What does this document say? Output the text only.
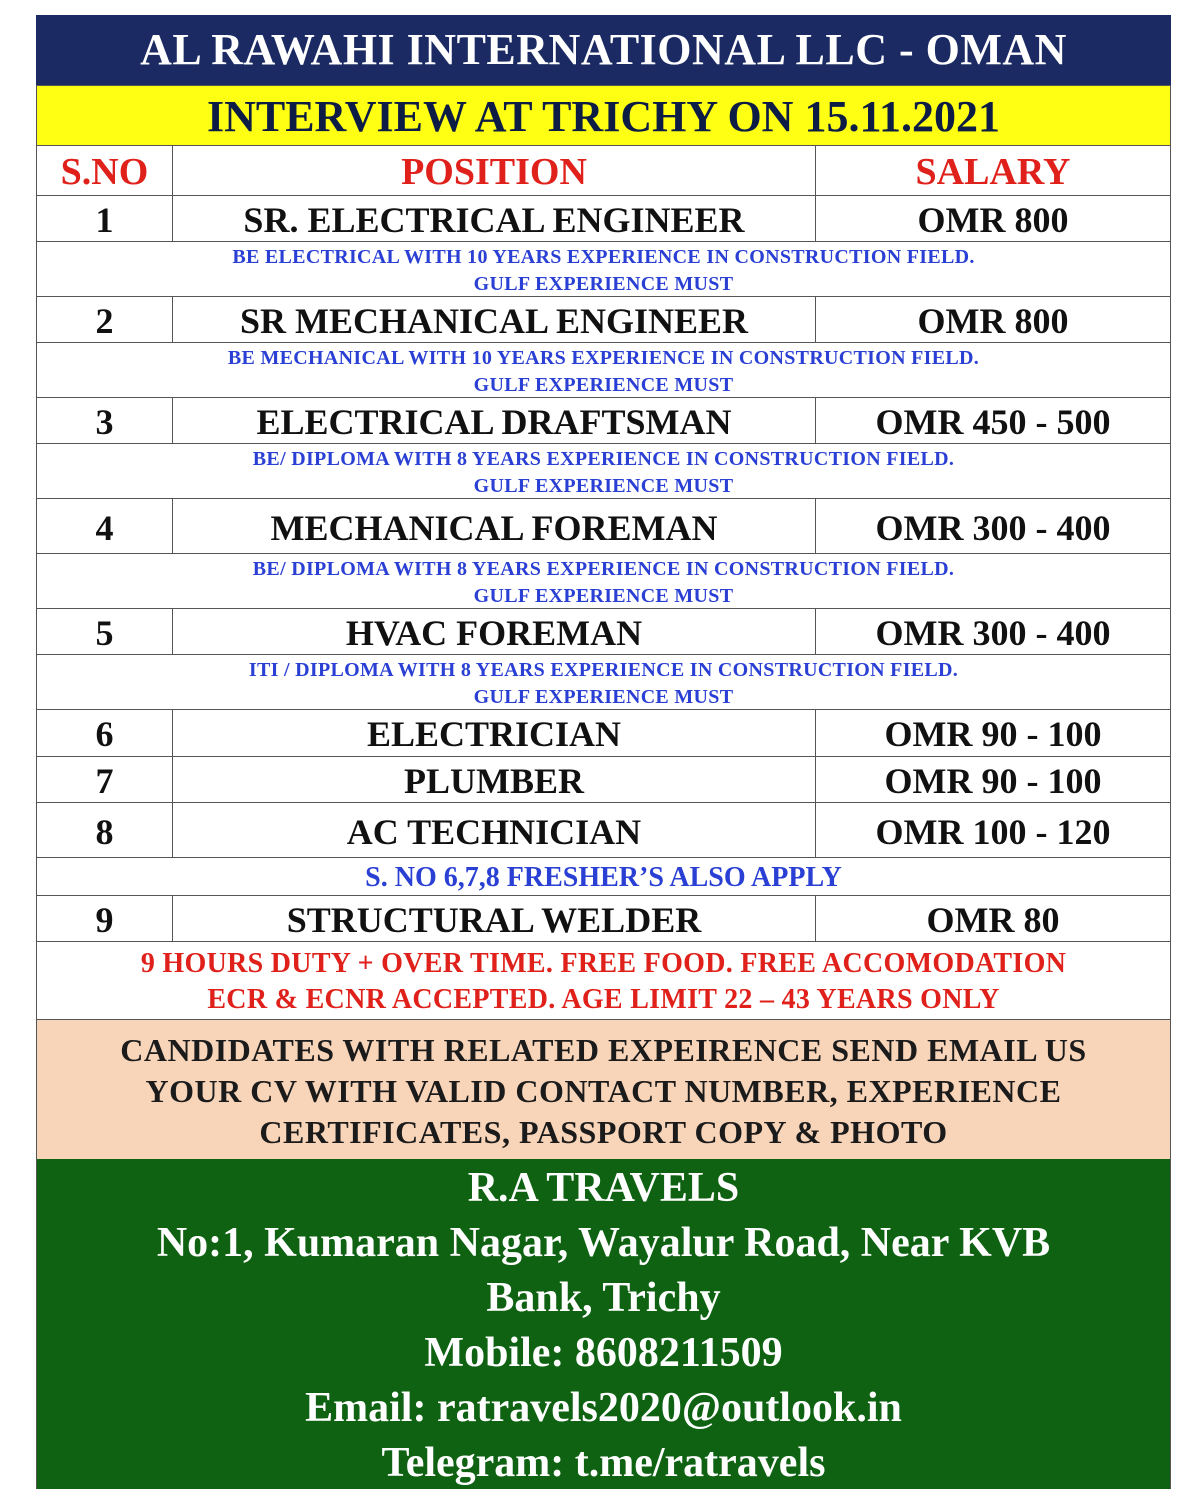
AL RAWAHI INTERNATIONAL LLC - OMAN
INTERVIEW AT TRICHY ON 15.11.2021
S.NO	POSITION	SALARY
1	SR. ELECTRICAL ENGINEER	OMR 800
BE ELECTRICAL WITH 10 YEARS EXPERIENCE IN CONSTRUCTION FIELD.
GULF EXPERIENCE MUST
2	SR MECHANICAL ENGINEER	OMR 800
BE MECHANICAL WITH 10 YEARS EXPERIENCE IN CONSTRUCTION FIELD.
GULF EXPERIENCE MUST
3	ELECTRICAL DRAFTSMAN	OMR 450 - 500
BE/ DIPLOMA WITH 8 YEARS EXPERIENCE IN CONSTRUCTION FIELD.
GULF EXPERIENCE MUST
4	MECHANICAL FOREMAN	OMR 300 - 400
BE/ DIPLOMA WITH 8 YEARS EXPERIENCE IN CONSTRUCTION FIELD.
GULF EXPERIENCE MUST
5	HVAC FOREMAN	OMR 300 - 400
ITI / DIPLOMA WITH 8 YEARS EXPERIENCE IN CONSTRUCTION FIELD.
GULF EXPERIENCE MUST
6	ELECTRICIAN	OMR 90 - 100
7	PLUMBER	OMR 90 - 100
8	AC TECHNICIAN	OMR 100 - 120
S. NO 6,7,8 FRESHER’S ALSO APPLY
9	STRUCTURAL WELDER	OMR 80
9 HOURS DUTY + OVER TIME. FREE FOOD. FREE ACCOMODATION
ECR & ECNR ACCEPTED. AGE LIMIT 22 – 43 YEARS ONLY
CANDIDATES WITH RELATED EXPEIRENCE SEND EMAIL US
YOUR CV WITH VALID CONTACT NUMBER, EXPERIENCE
CERTIFICATES, PASSPORT COPY & PHOTO
R.A TRAVELS
No:1, Kumaran Nagar, Wayalur Road, Near KVB
Bank, Trichy
Mobile: 8608211509
Email: ratravels2020@outlook.in
Telegram: t.me/ratravels
